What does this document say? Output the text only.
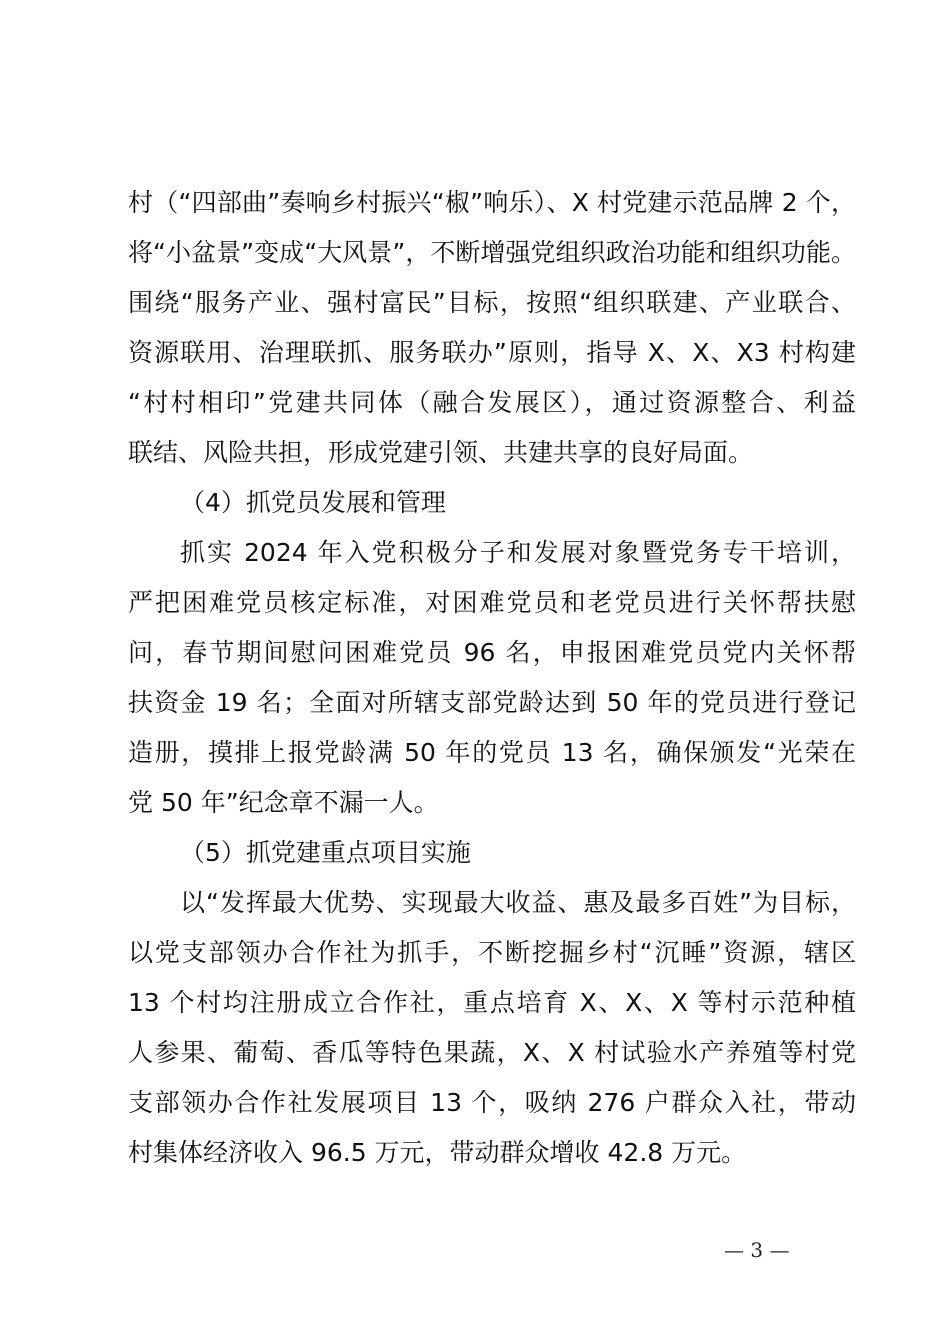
村（“四部曲”奏响乡村振兴“椒”响乐）、X 村党建示范品牌 2 个，
将“小盆景”变成“大风景”，不断增强党组织政治功能和组织功能。
围绕“服务产业、强村富民”目标，按照“组织联建、产业联合、
资源联用、治理联抓、服务联办”原则，指导 X、X、X3 村构建
“村村相印”党建共同体（融合发展区），通过资源整合、利益
联结、风险共担，形成党建引领、共建共享的良好局面。
（4）抓党员发展和管理
抓实 2024 年入党积极分子和发展对象暨党务专干培训，
严把困难党员核定标准，对困难党员和老党员进行关怀帮扶慰
问，春节期间慰问困难党员 96 名，申报困难党员党内关怀帮
扶资金 19 名；全面对所辖支部党龄达到 50 年的党员进行登记
造册，摸排上报党龄满 50 年的党员 13 名，确保颁发“光荣在
党 50 年”纪念章不漏一人。
（5）抓党建重点项目实施
以“发挥最大优势、实现最大收益、惠及最多百姓”为目标，
以党支部领办合作社为抓手，不断挖掘乡村“沉睡”资源，辖区
13 个村均注册成立合作社，重点培育 X、X、X 等村示范种植
人参果、葡萄、香瓜等特色果蔬，X、X 村试验水产养殖等村党
支部领办合作社发展项目 13 个，吸纳 276 户群众入社，带动
村集体经济收入 96.5 万元，带动群众增收 42.8 万元。
— 3 —
